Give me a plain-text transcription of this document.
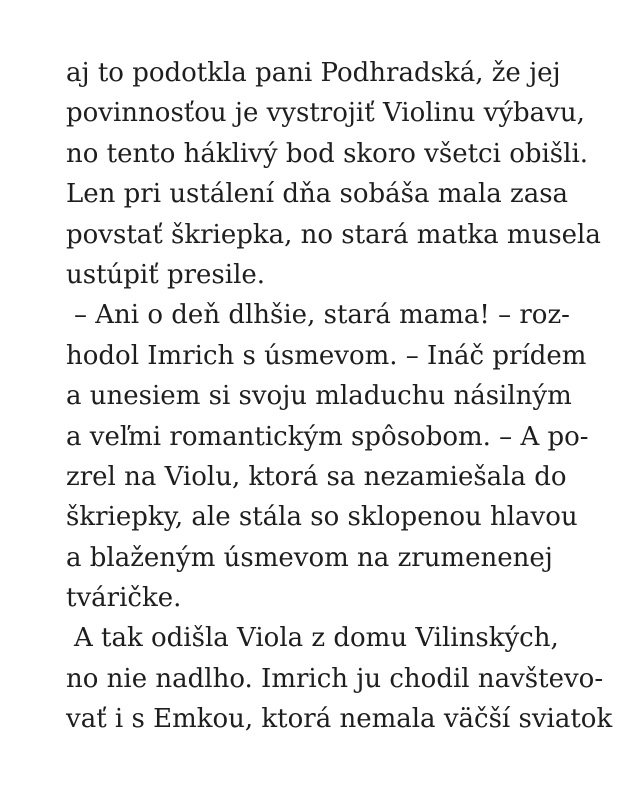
aj to podotkla pani Podhradská, že jej
povinnosťou je vystrojiť Violinu výbavu,
no tento háklivý bod skoro všetci obišli.
Len pri ustálení dňa sobáša mala zasa
povstať škriepka, no stará matka musela
ustúpiť presile.
– Ani o deň dlhšie, stará mama! – roz-
hodol Imrich s úsmevom. – Ináč prídem
a unesiem si svoju mladuchu násilným
a veľmi romantickým spôsobom. – A po-
zrel na Violu, ktorá sa nezamiešala do
škriepky, ale stála so sklopenou hlavou
a blaženým úsmevom na zrumenenej
tváričke.
A tak odišla Viola z domu Vilinských,
no nie nadlho. Imrich ju chodil navštevo-
vať i s Emkou, ktorá nemala väčší sviatok
